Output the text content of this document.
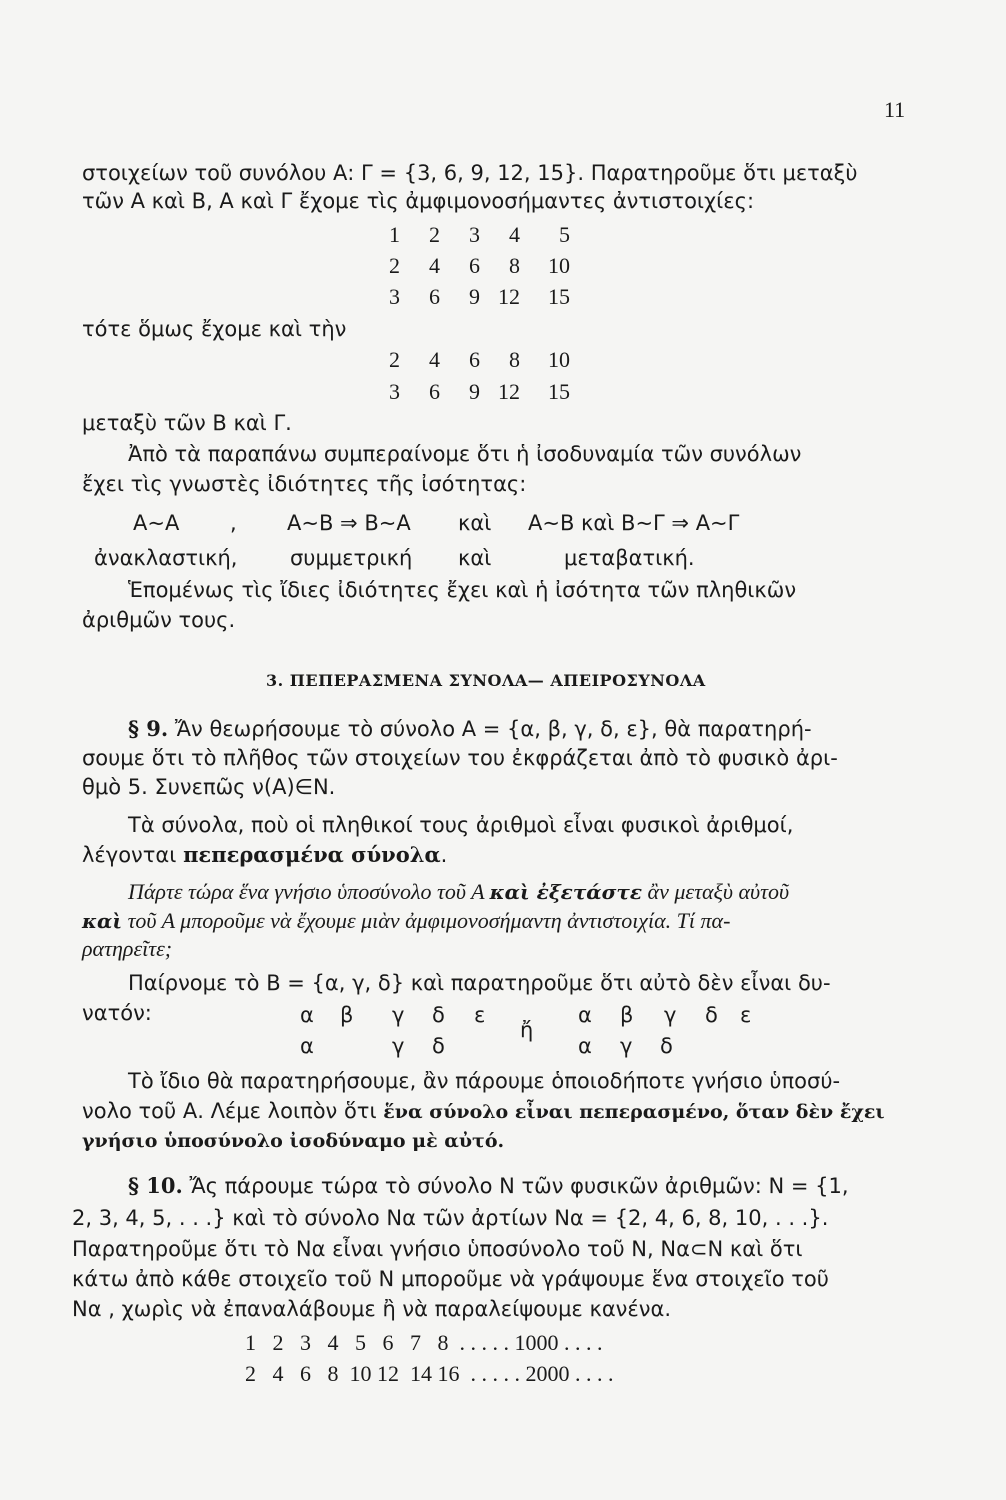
11
στοιχείων τοῦ συνόλου Α: Γ = {3, 6, 9, 12, 15}. Παρατηροῦμε ὅτι μεταξὺ
τῶν Α καὶ Β, Α καὶ Γ ἔχομε τὶς ἀμφιμονοσήμαντες ἀντιστοιχίες:
1	2	3	4	5
2	4	6	8	10
3	6	9 12	15
τότε ὅμως ἔχομε καὶ τὴν
2	4	6	8	10
3	6	9 12	15
μεταξὺ τῶν Β καὶ Γ.
Ἀπὸ τὰ παραπάνω συμπεραίνομε ὅτι ἡ ἰσοδυναμία τῶν συνόλων
ἔχει τὶς γνωστὲς ἰδιότητες τῆς ἰσότητας:
Α∼Α , Α∼Β ⇒ Β∼Α καὶ Α∼Β καὶ Β∼Γ ⇒ Α∼Γ
ἀνακλαστική,	συμμετρική καὶ	μεταβατική.
Ἑπομένως τὶς ἴδιες ἰδιότητες ἔχει καὶ ἡ ἰσότητα τῶν πληθικῶν
ἀριθμῶν τους.
3. ΠΕΠΕΡΑΣΜΕΝΑ ΣΥΝΟΛΑ— ΑΠΕΙΡΟΣΥΝΟΛΑ
§ 9. Ἄν θεωρήσουμε τὸ σύνολο Α = {α, β, γ, δ, ε}, θὰ παρατηρή-
σουμε ὅτι τὸ πλῆθος τῶν στοιχείων του ἐκφράζεται ἀπὸ τὸ φυσικὸ ἀρι-
θμὸ 5. Συνεπῶς ν(Α)∈Ν.
Τὰ σύνολα, ποὺ οἱ πληθικοί τους ἀριθμοὶ εἶναι φυσικοὶ ἀριθμοί,
λέγονται πεπερασμένα σύνολα.
Πάρτε τώρα ἕνα γνήσιο ὑποσύνολο τοῦ Α καὶ ἐξετάστε ἂν μεταξὺ αὐτοῦ
καὶ τοῦ Α μποροῦμε νὰ ἔχουμε μιὰν ἀμφιμονοσήμαντη ἀντιστοιχία. Τί πα-
ρατηρεῖτε;
Παίρνομε τὸ Β = {α, γ, δ} καὶ παρατηροῦμε ὅτι αὐτὸ δὲν εἶναι δυ-
νατόν:	α β γ δ ε
α	γ δ
ἤ
α β γ δ ε
α γ δ
Τὸ ἴδιο θὰ παρατηρήσουμε, ἂν πάρουμε ὁποιοδήποτε γνήσιο ὑποσύ-
νολο τοῦ Α. Λέμε λοιπὸν ὅτι ἕνα σύνολο εἶναι πεπερασμένο, ὅταν δὲν ἔχει
γνήσιο ὑποσύνολο ἰσοδύναμο μὲ αὐτό.
§ 10. Ἄς πάρουμε τώρα τὸ σύνολο Ν τῶν φυσικῶν ἀριθμῶν: Ν = {1,
2, 3, 4, 5, . . .} καὶ τὸ σύνολο Να τῶν ἀρτίων Να = {2, 4, 6, 8, 10, . . .}.
Παρατηροῦμε ὅτι τὸ Να εἶναι γνήσιο ὑποσύνολο τοῦ Ν, Να⊂Ν καὶ ὅτι
κάτω ἀπὸ κάθε στοιχεῖο τοῦ Ν μποροῦμε νὰ γράψουμε ἕνα στοιχεῖο τοῦ
Να , χωρὶς νὰ ἐπαναλάβουμε ἢ νὰ παραλείψουμε κανένα.
1   2   3   4   5   6   7   8  . . . . . 1000 . . . .
2   4   6   8  10 12  14 16  . . . . . 2000 . . . .
